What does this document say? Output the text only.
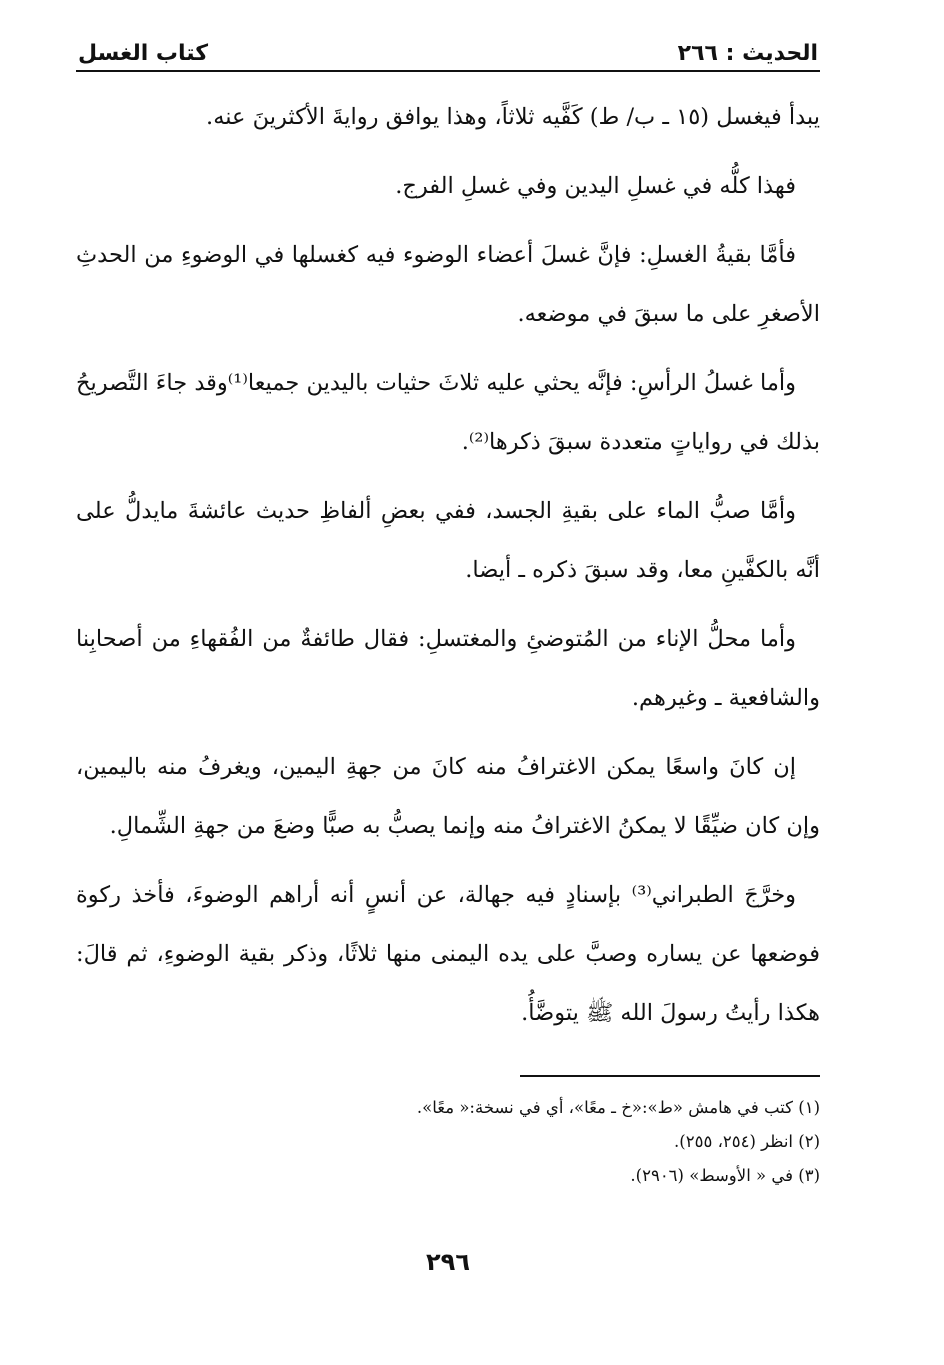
الحديث : ٢٦٦
كتاب الغسل

يبدأ فيغسل (١٥ ـ ب/ ط) كَفَّيه ثلاثاً، وهذا يوافق روايةَ الأكثرينَ عنه.

فهذا كلُّه في غسلِ اليدين وفي غسلِ الفرج.

فأمَّا بقيةُ الغسلِ: فإنَّ غسلَ أعضاء الوضوء فيه كغسلها في الوضوءِ من الحدثِ الأصغرِ على ما سبقَ في موضعه.

وأما غسلُ الرأسِ: فإنَّه يحثي عليه ثلاثَ حثيات باليدين جميعا⁽¹⁾وقد جاءَ التَّصريحُ بذلك في رواياتٍ متعددة سبقَ ذكرها⁽²⁾.

وأمَّا صبُّ الماء على بقيةِ الجسد، ففي بعضِ ألفاظِ حديث عائشةَ مايدلُّ على أنَّه بالكفَّينِ معا، وقد سبقَ ذكره ـ أيضا.

وأما محلُّ الإناء من المُتوضئِ والمغتسلِ: فقال طائفةٌ من الفُقهاءِ من أصحابِنا والشافعية ـ وغيرهم.

إن كانَ واسعًا يمكن الاغترافُ منه كانَ من جهةِ اليمين، ويغرفُ منه باليمين، وإن كان ضيِّقًا لا يمكنُ الاغترافُ منه وإنما يصبُّ به صبًّا وضعَ من جهةِ الشِّمالِ.

وخرَّجَ الطبراني⁽³⁾ بإسنادٍ فيه جهالة، عن أنسٍ أنه أراهم الوضوءَ، فأخذ ركوة فوضعها عن يساره وصبَّ على يده اليمنى منها ثلاثًا، وذكر بقية الوضوءِ، ثم قالَ: هكذا رأيتُ رسولَ الله ﷺ يتوضَّأُ.

(١) كتب في هامش «ط»:«خ ـ معًا»، أي في نسخة:« معًا».
(٢) انظر (٢٥٤، ٢٥٥).
(٣) في « الأوسط» (٢٩٠٦).
٢٩٦
